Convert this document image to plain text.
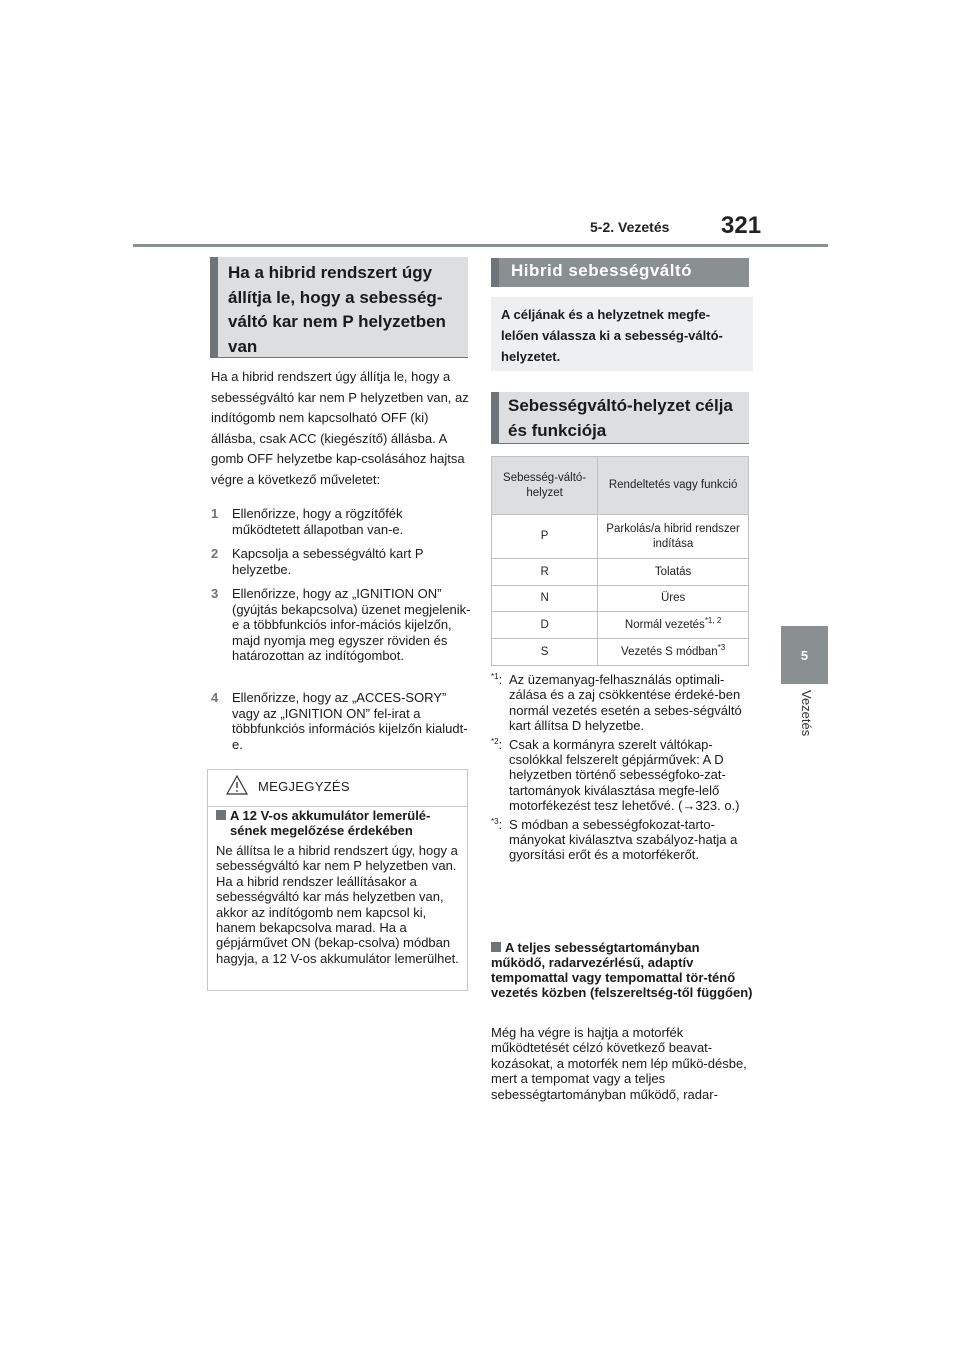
5-2. Vezetés 321
5
Vezetés
Ha a hibrid rendszert úgy állítja le, hogy a sebesség-váltó kar nem P helyzetben van
Ha a hibrid rendszert úgy állítja le, hogy a sebességváltó kar nem P helyzetben van, az indítógomb nem kapcsolható OFF (ki) állásba, csak ACC (kiegészítő) állásba. A gomb OFF helyzetbe kap-csolásához hajtsa végre a következő műveletet:
1 Ellenőrizze, hogy a rögzítőfék működtetett állapotban van-e.
2 Kapcsolja a sebességváltó kart P helyzetbe.
3 Ellenőrizze, hogy az „IGNITION ON” (gyújtás bekapcsolva) üzenet megjelenik-e a többfunkciós infor-mációs kijelzőn, majd nyomja meg egyszer röviden és határozottan az indítógombot.
4 Ellenőrizze, hogy az „ACCES-SORY” vagy az „IGNITION ON” fel-irat a többfunkciós információs kijelzőn kialudt-e.
MEGJEGYZÉS
A 12 V-os akkumulátor lemerülé-
sének megelőzése érdekében
Ne állítsa le a hibrid rendszert úgy, hogy a sebességváltó kar nem P helyzetben van. Ha a hibrid rendszer leállításakor a sebességváltó kar más helyzetben van, akkor az indítógomb nem kapcsol ki, hanem bekapcsolva marad. Ha a gépjárművet ON (bekap-csolva) módban hagyja, a 12 V-os akkumulátor lemerülhet.
Hibrid sebességváltó
A céljának és a helyzetnek megfe-lelően válassza ki a sebesség-váltó-helyzetet.
Sebességváltó-helyzet célja és funkciója
Sebesség-váltó-helyzet	Rendeltetés vagy funkció
P	Parkolás/a hibrid rendszer indítása
R	Tolatás
N	Üres
D	Normál vezetés$^{*1, 2}$
S	Vezetés S módban$^{*3}$
$^{*1}$: Az üzemanyag-felhasználás optimali-zálása és a zaj csökkentése érdeké-ben normál vezetés esetén a sebes-ségváltó kart állítsa D helyzetbe.
$^{*2}$: Csak a kormányra szerelt váltókap-csolókkal felszerelt gépjárművek: A D helyzetben történő sebességfoko-zat-tartományok kiválasztása megfe-lelő motorfékezést tesz lehetővé. (→323. o.)
$^{*3}$: S módban a sebességfokozat-tarto-mányokat kiválasztva szabályoz-hatja a gyorsítási erőt és a motorfékerőt.
A teljes sebességtartományban működő, radarvezérlésű, adaptív tempomattal vagy tempomattal tör-ténő vezetés közben (felszereltség-től függően)
Még ha végre is hajtja a motorfék működtetését célzó következő beavat-kozásokat, a motorfék nem lép műkö-désbe, mert a tempomat vagy a teljes sebességtartományban működő, radar-
